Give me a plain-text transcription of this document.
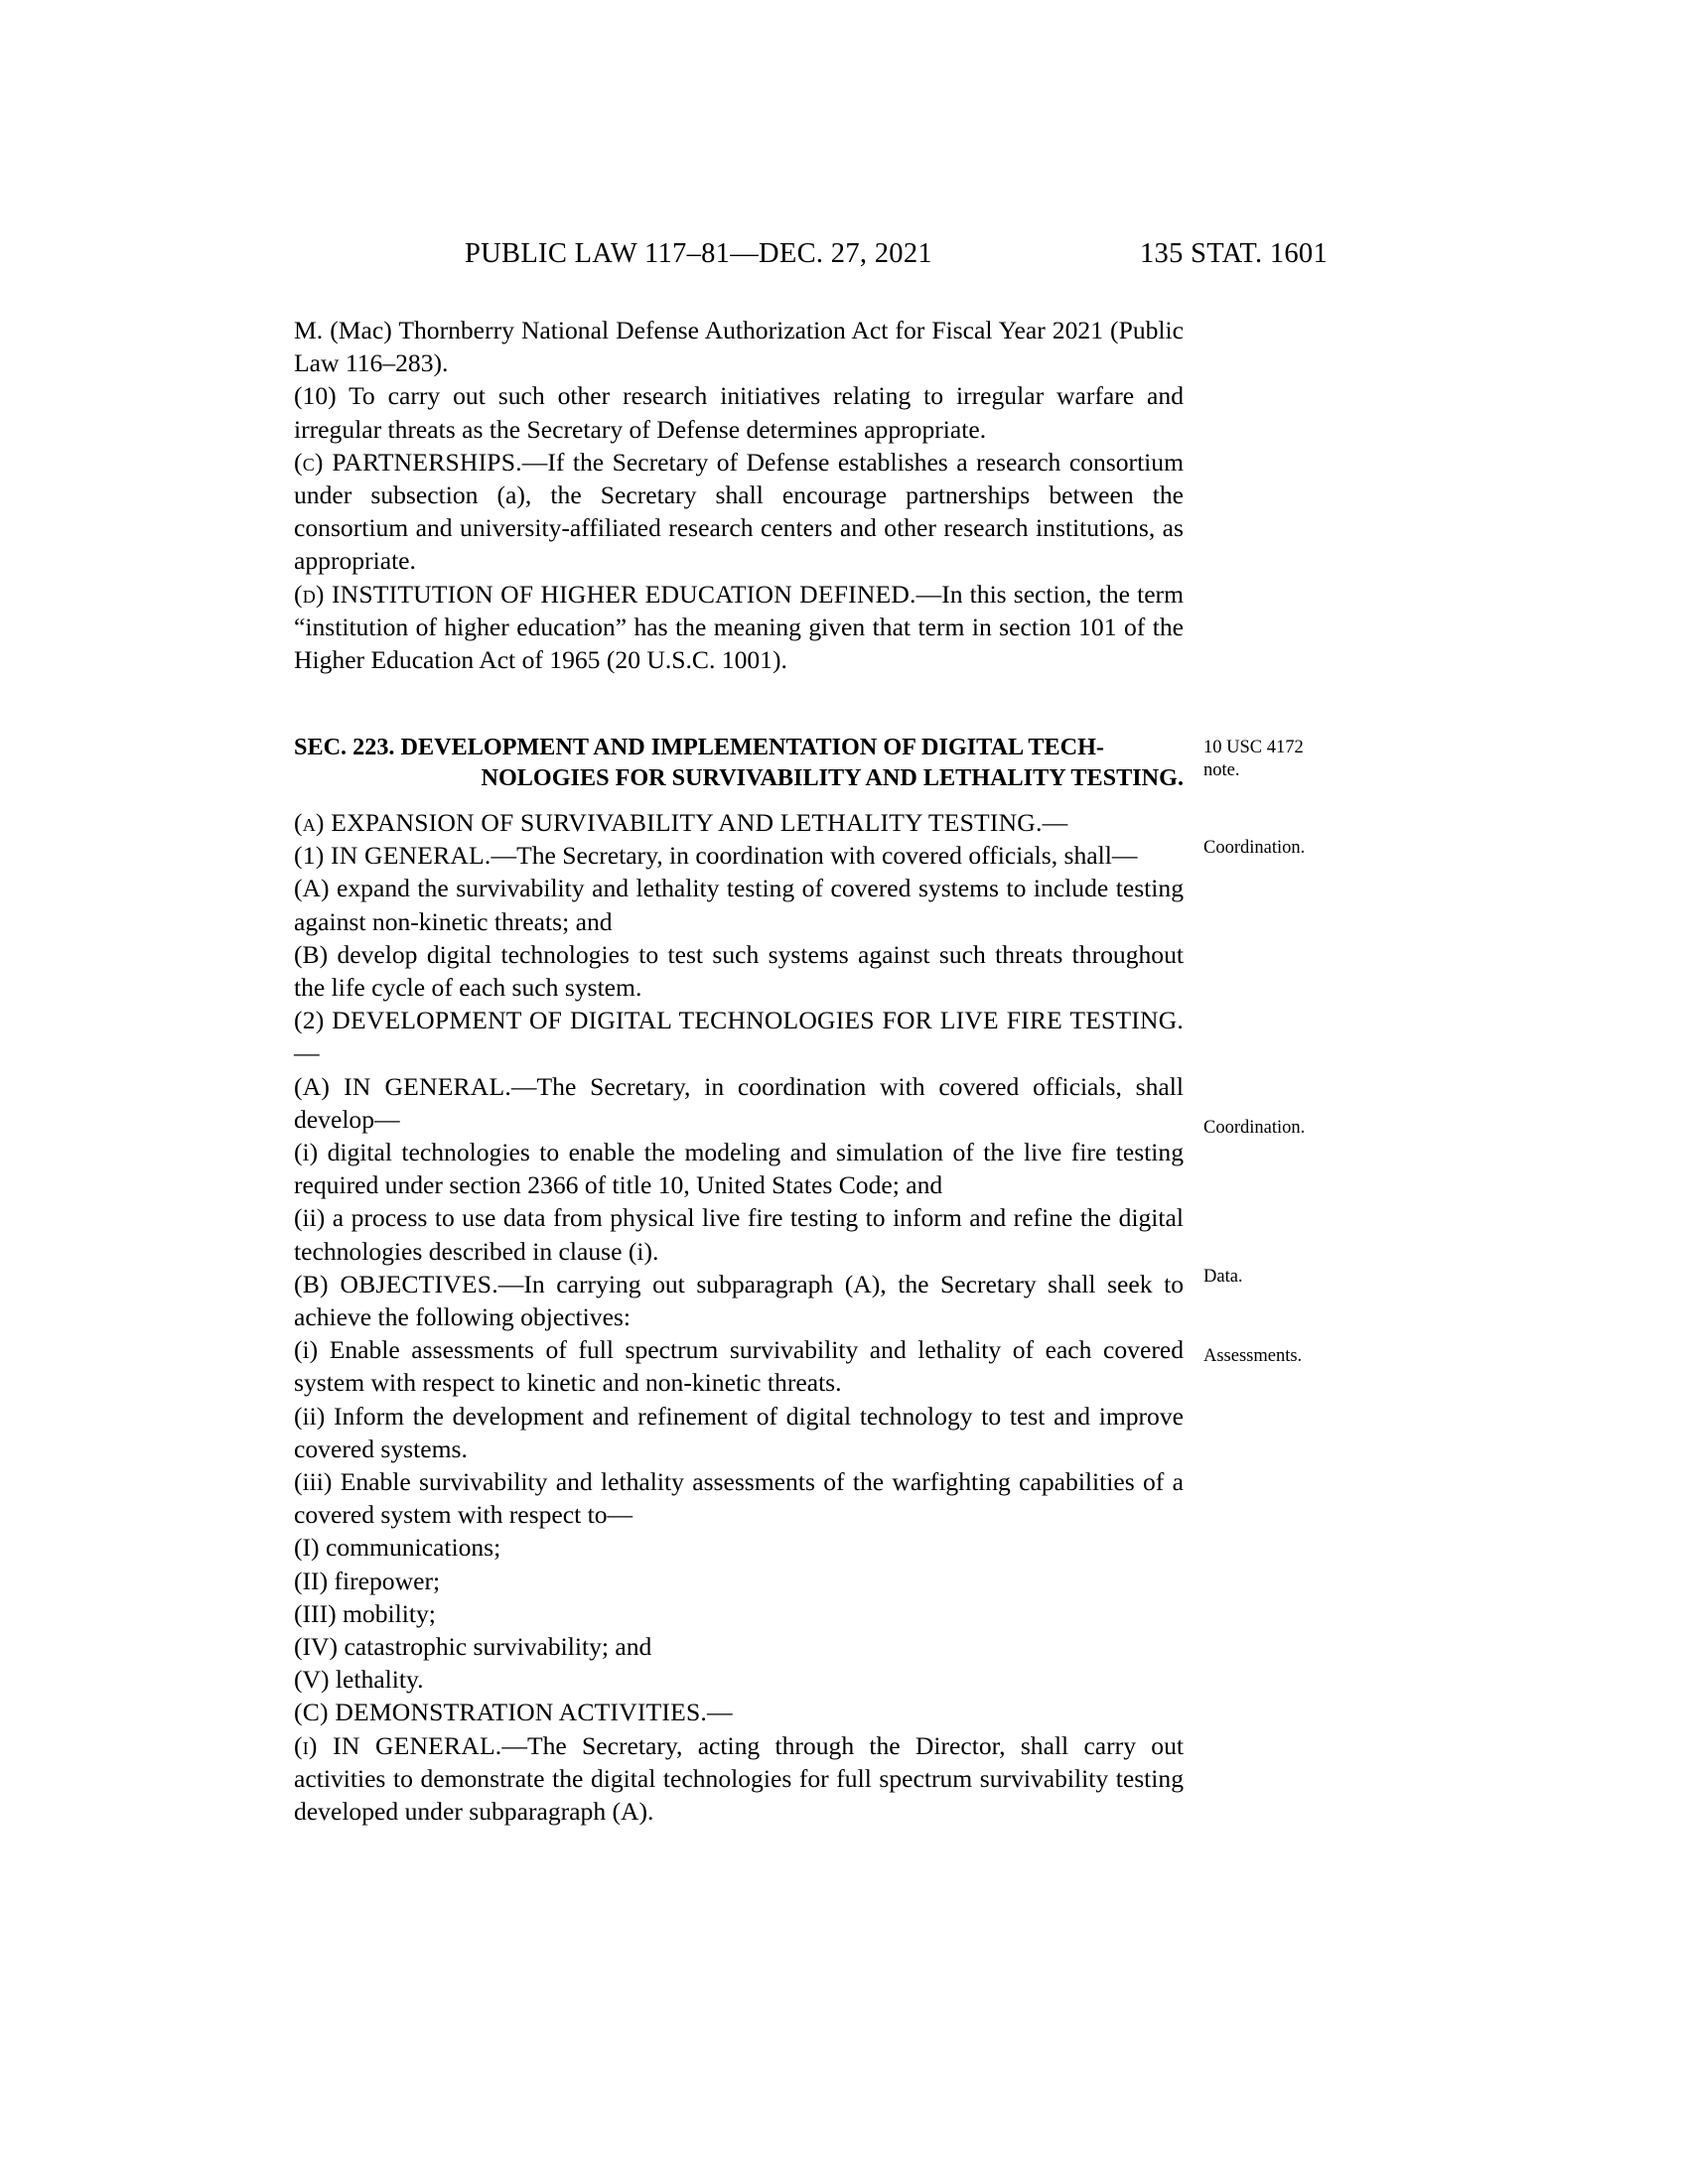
PUBLIC LAW 117–81—DEC. 27, 2021	135 STAT. 1601

M. (Mac) Thornberry National Defense Authorization Act for Fiscal Year 2021 (Public Law 116–283).

(10) To carry out such other research initiatives relating to irregular warfare and irregular threats as the Secretary of Defense determines appropriate.

(c) PARTNERSHIPS.—If the Secretary of Defense establishes a research consortium under subsection (a), the Secretary shall encourage partnerships between the consortium and university-affiliated research centers and other research institutions, as appropriate.

(d) INSTITUTION OF HIGHER EDUCATION DEFINED.—In this section, the term “institution of higher education” has the meaning given that term in section 101 of the Higher Education Act of 1965 (20 U.S.C. 1001).

SEC. 223. DEVELOPMENT AND IMPLEMENTATION OF DIGITAL TECH-
NOLOGIES FOR SURVIVABILITY AND LETHALITY TESTING.

(a) EXPANSION OF SURVIVABILITY AND LETHALITY TESTING.—

(1) IN GENERAL.—The Secretary, in coordination with covered officials, shall—

(A) expand the survivability and lethality testing of covered systems to include testing against non-kinetic threats; and

(B) develop digital technologies to test such systems against such threats throughout the life cycle of each such system.

(2) DEVELOPMENT OF DIGITAL TECHNOLOGIES FOR LIVE FIRE TESTING.—

(A) IN GENERAL.—The Secretary, in coordination with covered officials, shall develop—

(i) digital technologies to enable the modeling and simulation of the live fire testing required under section 2366 of title 10, United States Code; and

(ii) a process to use data from physical live fire testing to inform and refine the digital technologies described in clause (i).

(B) OBJECTIVES.—In carrying out subparagraph (A), the Secretary shall seek to achieve the following objectives:

(i) Enable assessments of full spectrum survivability and lethality of each covered system with respect to kinetic and non-kinetic threats.

(ii) Inform the development and refinement of digital technology to test and improve covered systems.

(iii) Enable survivability and lethality assessments of the warfighting capabilities of a covered system with respect to—

(I) communications;

(II) firepower;

(III) mobility;

(IV) catastrophic survivability; and

(V) lethality.

(C) DEMONSTRATION ACTIVITIES.—

(i) IN GENERAL.—The Secretary, acting through the Director, shall carry out activities to demonstrate the digital technologies for full spectrum survivability testing developed under subparagraph (A).

10 USC 4172
note.
Coordination.
Coordination.
Data.
Assessments.
